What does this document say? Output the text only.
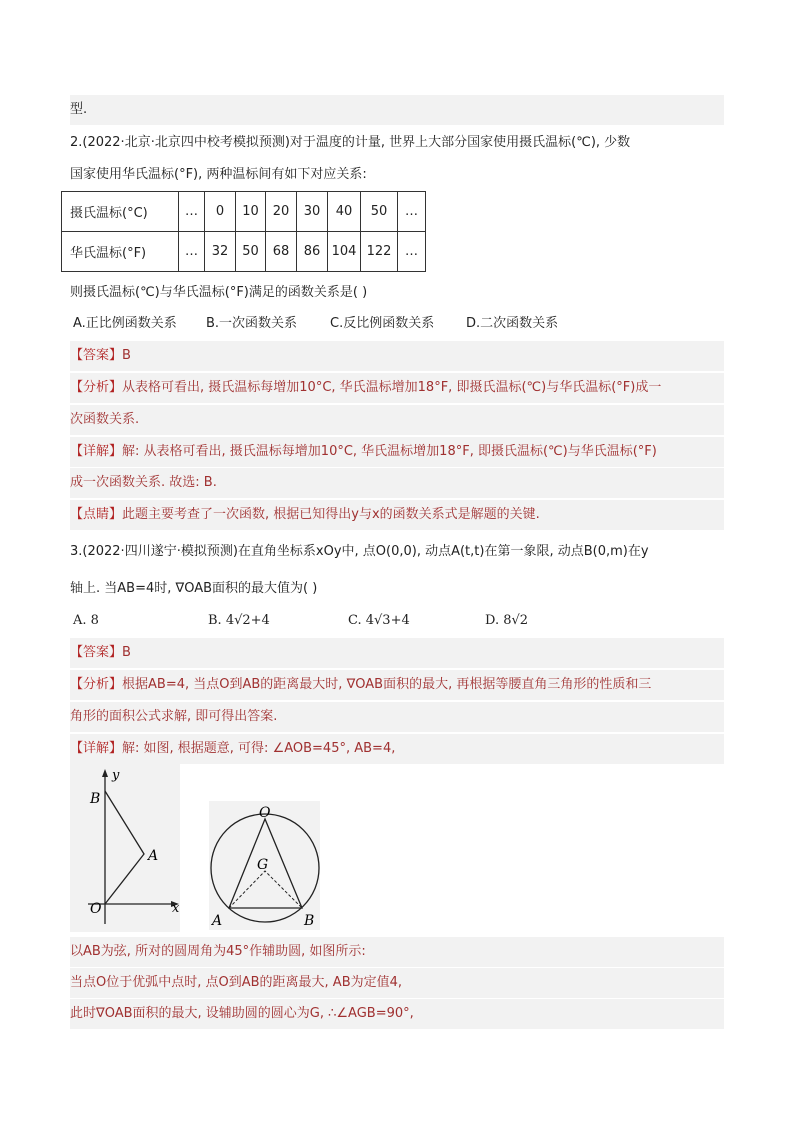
型.
2.(2022·北京·北京四中校考模拟预测)对于温度的计量, 世界上大部分国家使用摄氏温标(℃), 少数
国家使用华氏温标(°F), 两种温标间有如下对应关系:
摄氏温标(°C)	…	0	10	20	30	40	50	…
华氏温标(°F)	…	32	50	68	86	104	122	…
则摄氏温标(℃)与华氏温标(°F)满足的函数关系是( )
A.正比例函数关系 B.一次函数关系	C.反比例函数关系 D.二次函数关系
【答案】B
【分析】从表格可看出, 摄氏温标每增加10°C, 华氏温标增加18°F, 即摄氏温标(℃)与华氏温标(°F)成一
次函数关系.
【详解】解: 从表格可看出, 摄氏温标每增加10°C, 华氏温标增加18°F, 即摄氏温标(℃)与华氏温标(°F)
成一次函数关系. 故选: B.
【点睛】此题主要考查了一次函数, 根据已知得出y与x的函数关系式是解题的关键.
3.(2022·四川遂宁·模拟预测)在直角坐标系xOy中, 点O(0,0), 动点A(t,t)在第一象限, 动点B(0,m)在y
轴上. 当AB=4时, ∇OAB面积的最大值为( )
A. 8	B. 4√2+4	C. 4√3+4	D. 8√2
【答案】B
【分析】根据AB=4, 当点O到AB的距离最大时, ∇OAB面积的最大, 再根据等腰直角三角形的性质和三
角形的面积公式求解, 即可得出答案.
【详解】解: 如图, 根据题意, 可得: ∠AOB=45°, AB=4,
y
x
B
A
O
O
G
A	B
以AB为弦, 所对的圆周角为45°作辅助圆, 如图所示:
当点O位于优弧中点时, 点O到AB的距离最大, AB为定值4,
此时∇OAB面积的最大, 设辅助圆的圆心为G, ∴∠AGB=90°,
